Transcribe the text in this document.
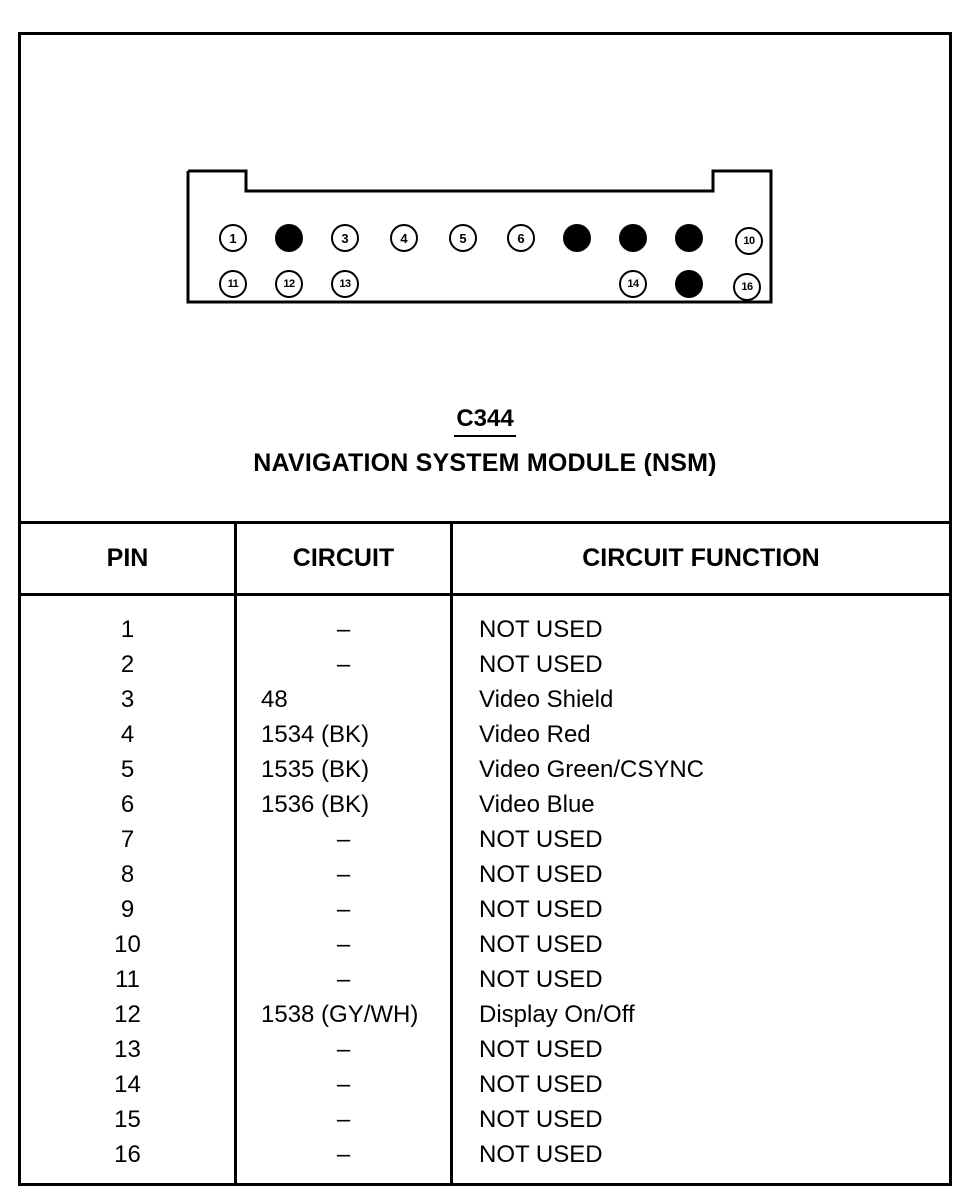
1	2	3	4	5	6	7	8	9	10
11	12	13	14	15	16
C344
NAVIGATION SYSTEM MODULE (NSM)
PIN	CIRCUIT	CIRCUIT FUNCTION
1	–	NOT USED
2	–	NOT USED
3	48	Video Shield
4	1534 (BK)	Video Red
5	1535 (BK)	Video Green/CSYNC
6	1536 (BK)	Video Blue
7	–	NOT USED
8	–	NOT USED
9	–	NOT USED
10	–	NOT USED
11	–	NOT USED
12	1538 (GY/WH)	Display On/Off
13	–	NOT USED
14	–	NOT USED
15	–	NOT USED
16	–	NOT USED
